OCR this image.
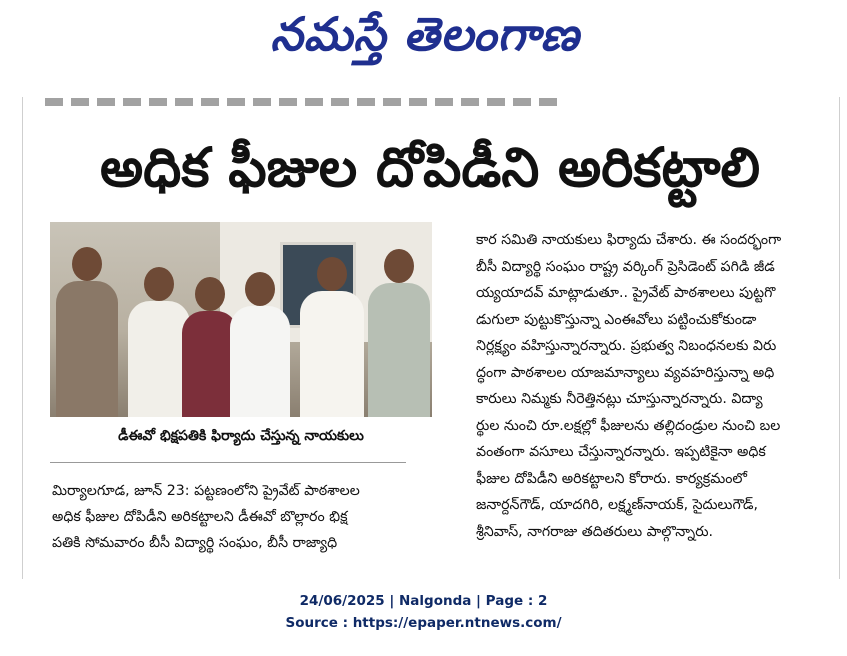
నమస్తే తెలంగాణ
అధిక ఫీజుల దోపిడీని అరికట్టాలి
డీఈవో భిక్షపతికి ఫిర్యాదు చేస్తున్న నాయకులు
మిర్యాలగూడ, జూన్ 23: పట్టణంలోని ప్రైవేట్ పాఠశాలల
అధిక ఫీజుల దోపిడీని అరికట్టాలని డీఈవో బొల్లారం భిక్ష
పతికి సోమవారం బీసీ విద్యార్థి సంఘం, బీసీ రాజ్యాధి
కార సమితి నాయకులు ఫిర్యాదు చేశారు. ఈ సందర్భంగా
బీసీ విద్యార్థి సంఘం రాష్ట్ర వర్కింగ్ ప్రెసిడెంట్ పగిడి జీడ
య్యయాదవ్ మాట్లాడుతూ.. ప్రైవేట్ పాఠశాలలు పుట్టగొ
డుగులా పుట్టుకొస్తున్నా ఎంఈవోలు పట్టించుకోకుండా
నిర్లక్ష్యం వహిస్తున్నారన్నారు. ప్రభుత్వ నిబంధనలకు విరు
ద్ధంగా పాఠశాలల యాజమాన్యాలు వ్యవహరిస్తున్నా అధి
కారులు నిమ్మకు నీరెత్తినట్లు చూస్తున్నారన్నారు. విద్యా
ర్థుల నుంచి రూ.లక్షల్లో ఫీజులను తల్లిదండ్రుల నుంచి బల
వంతంగా వసూలు చేస్తున్నారన్నారు. ఇప్పటికైనా అధిక
ఫీజుల దోపిడీని అరికట్టాలని కోరారు. కార్యక్రమంలో
జనార్దన్‌గౌడ్, యాదగిరి, లక్ష్మణ్‌నాయక్, సైదులుగౌడ్,
శ్రీనివాస్, నాగరాజు తదితరులు పాల్గొన్నారు.
24/06/2025 | Nalgonda | Page : 2
Source : https://epaper.ntnews.com/
